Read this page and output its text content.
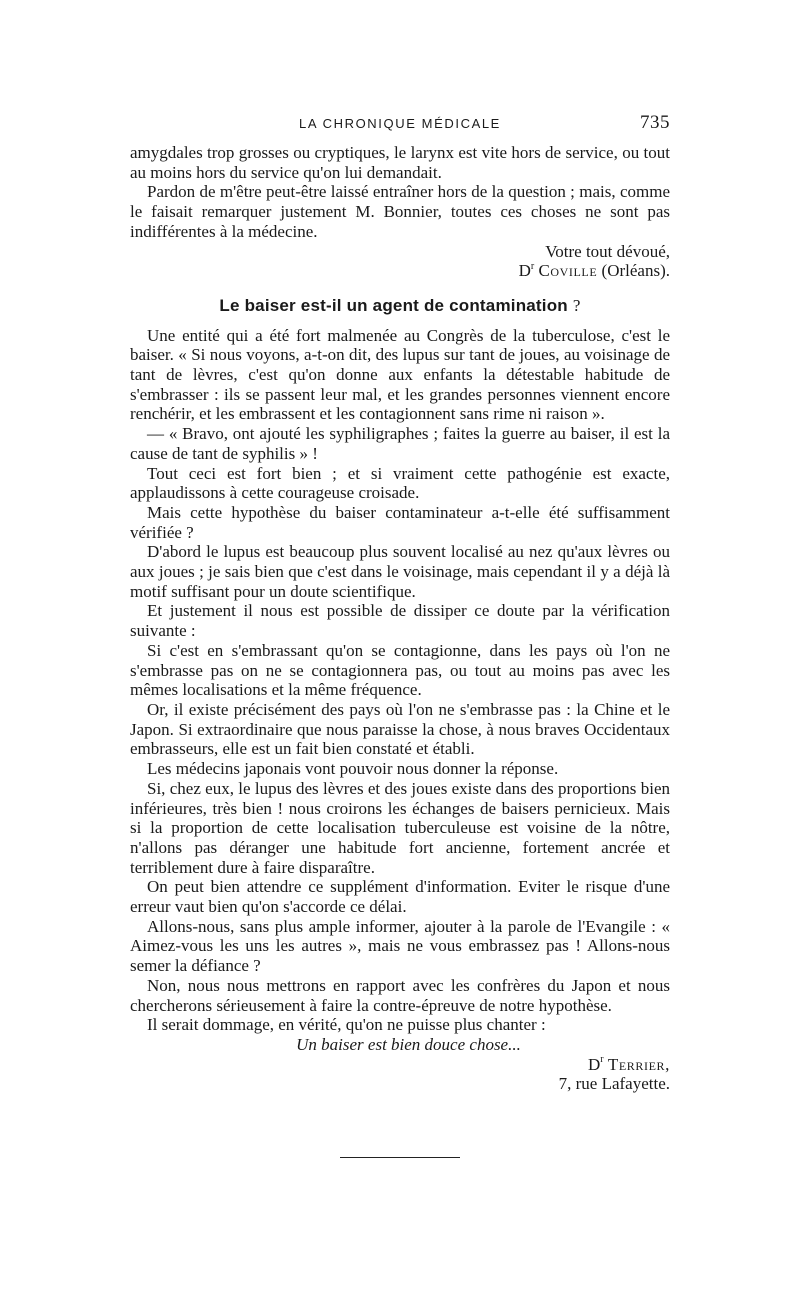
LA CHRONIQUE MÉDICALE	735

amygdales trop grosses ou cryptiques, le larynx est vite hors de service, ou tout au moins hors du service qu'on lui demandait.

Pardon de m'être peut-être laissé entraîner hors de la question ; mais, comme le faisait remarquer justement M. Bonnier, toutes ces choses ne sont pas indifférentes à la médecine.

Votre tout dévoué,

$D^r$ Coville (Orléans).

Le baiser est-il un agent de contamination ?

Une entité qui a été fort malmenée au Congrès de la tuberculose, c'est le baiser. « Si nous voyons, a-t-on dit, des lupus sur tant de joues, au voisinage de tant de lèvres, c'est qu'on donne aux enfants la détestable habitude de s'embrasser : ils se passent leur mal, et les grandes personnes viennent encore renchérir, et les embrassent et les contagionnent sans rime ni raison ».

— « Bravo, ont ajouté les syphiligraphes ; faites la guerre au baiser, il est la cause de tant de syphilis » !

Tout ceci est fort bien ; et si vraiment cette pathogénie est exacte, applaudissons à cette courageuse croisade.

Mais cette hypothèse du baiser contaminateur a-t-elle été suffisamment vérifiée ?

D'abord le lupus est beaucoup plus souvent localisé au nez qu'aux lèvres ou aux joues ; je sais bien que c'est dans le voisinage, mais cependant il y a déjà là motif suffisant pour un doute scientifique.

Et justement il nous est possible de dissiper ce doute par la vérification suivante :

Si c'est en s'embrassant qu'on se contagionne, dans les pays où l'on ne s'embrasse pas on ne se contagionnera pas, ou tout au moins pas avec les mêmes localisations et la même fréquence.

Or, il existe précisément des pays où l'on ne s'embrasse pas : la Chine et le Japon. Si extraordinaire que nous paraisse la chose, à nous braves Occidentaux embrasseurs, elle est un fait bien constaté et établi.

Les médecins japonais vont pouvoir nous donner la réponse.

Si, chez eux, le lupus des lèvres et des joues existe dans des proportions bien inférieures, très bien ! nous croirons les échanges de baisers pernicieux. Mais si la proportion de cette localisation tuberculeuse est voisine de la nôtre, n'allons pas déranger une habitude fort ancienne, fortement ancrée et terriblement dure à faire disparaître.

On peut bien attendre ce supplément d'information. Eviter le risque d'une erreur vaut bien qu'on s'accorde ce délai.

Allons-nous, sans plus ample informer, ajouter à la parole de l'Evangile : « Aimez-vous les uns les autres », mais ne vous embrassez pas ! Allons-nous semer la défiance ?

Non, nous nous mettrons en rapport avec les confrères du Japon et nous chercherons sérieusement à faire la contre-épreuve de notre hypothèse.

Il serait dommage, en vérité, qu'on ne puisse plus chanter :

Un baiser est bien douce chose...

$D^r$ Terrier,

7, rue Lafayette.
